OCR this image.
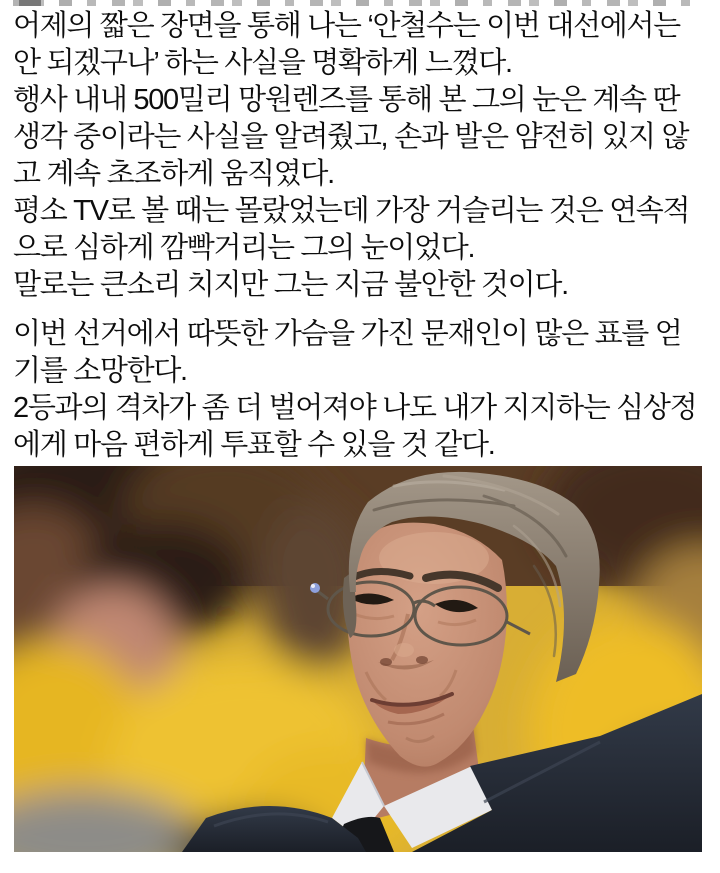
어제의 짧은 장면을 통해 나는 ‘안철수는 이번 대선에서는 안 되겠구나’ 하는 사실을 명확하게 느꼈다.

행사 내내 500밀리 망원렌즈를 통해 본 그의 눈은 계속 딴 생각 중이라는 사실을 알려줬고, 손과 발은 얌전히 있지 않고 계속 초조하게 움직였다.

평소 TV로 볼 때는 몰랐었는데 가장 거슬리는 것은 연속적으로 심하게 깜빡거리는 그의 눈이었다.

말로는 큰소리 치지만 그는 지금 불안한 것이다.

이번 선거에서 따뜻한 가슴을 가진 문재인이 많은 표를 얻기를 소망한다.

2등과의 격차가 좀 더 벌어져야 나도 내가 지지하는 심상정에게 마음 편하게 투표할 수 있을 것 같다.
